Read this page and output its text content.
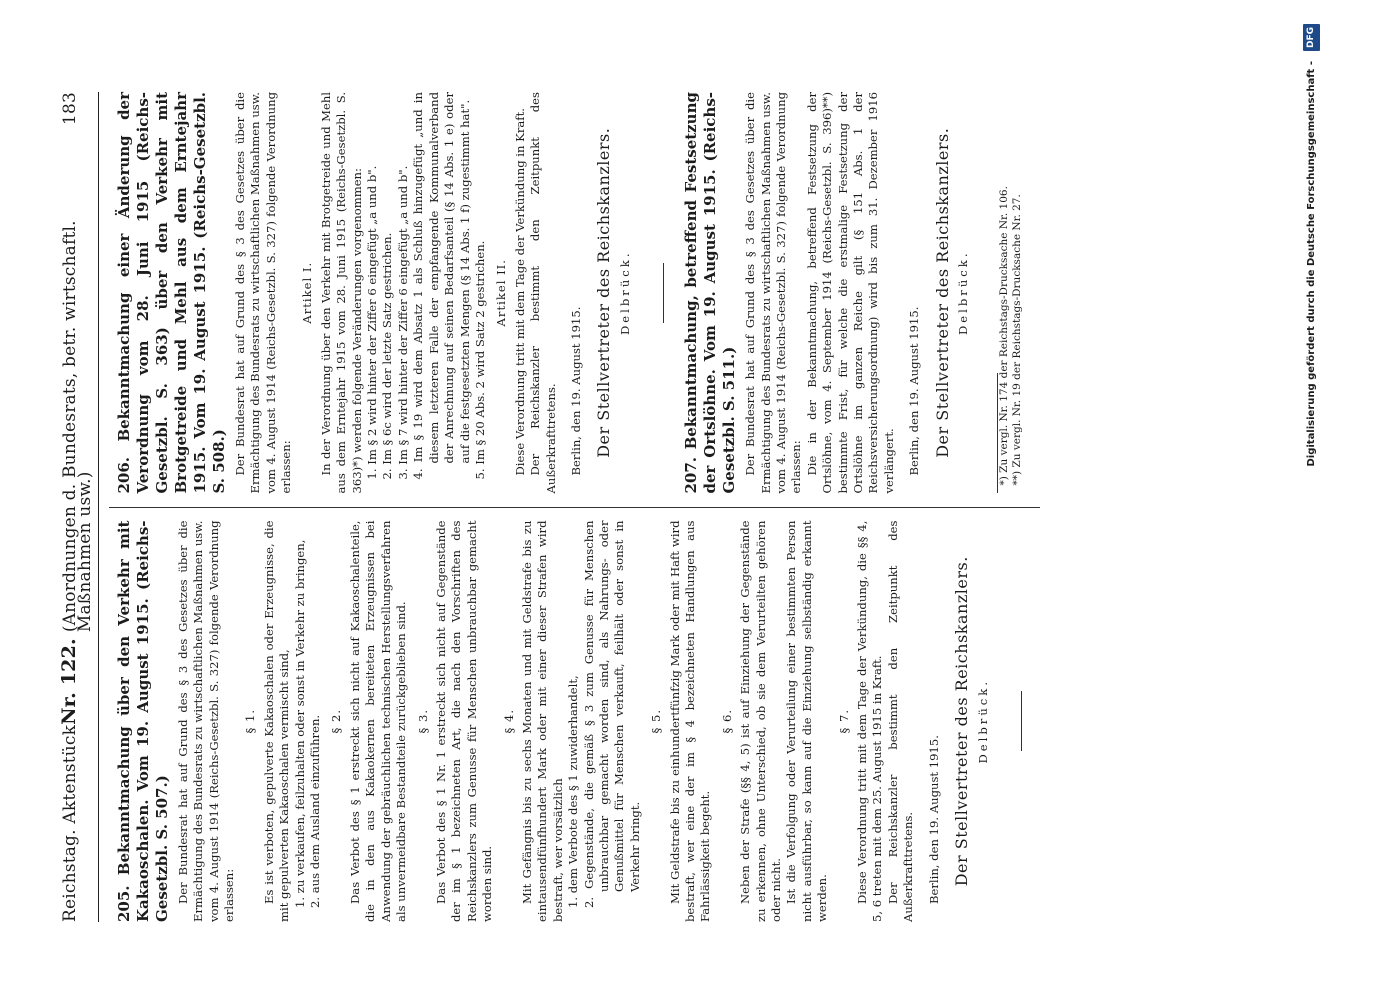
Reichstag. Aktenstück
Nr. 122.
(Anordnungen d. Bundesrats, betr. wirtschaftl. Maßnahmen usw.)
183
205. Bekanntmachung über den Verkehr mit Kakaoschalen. Vom 19. August 1915. (Reichs-Gesetzbl. S. 507.) Der Bundesrat hat auf Grund des § 3 des Gesetzes über die Ermächtigung des Bundesrats zu wirtschaftlichen Maßnahmen usw. vom 4. August 1914 (Reichs-Gesetzbl. S. 327) folgende Verordnung erlassen:

§ 1. Es ist verboten, gepulverte Kakaoschalen oder Erzeugnisse, die mit gepulverten Kakaoschalen vermischt sind, 1. zu verkaufen, feilzuhalten oder sonst in Verkehr zu bringen, 2. aus dem Ausland einzuführen. § 2. Das Verbot des § 1 erstreckt sich nicht auf Kakaoschalenteile, die in den aus Kakaokernen bereiteten Erzeugnissen bei Anwendung der gebräuchlichen technischen Herstellungsverfahren als unvermeidbare Bestandteile zurückgeblieben sind. § 3. Das Verbot des § 1 Nr. 1 erstreckt sich nicht auf Gegenstände der im § 1 bezeichneten Art, die nach den Vorschriften des Reichskanzlers zum Genusse für Menschen unbrauchbar gemacht worden sind.

§ 4. Mit Gefängnis bis zu sechs Monaten und mit Geldstrafe bis zu eintausendfünfhundert Mark oder mit einer dieser Strafen wird bestraft, wer vorsätzlich 1. dem Verbote des § 1 zuwiderhandelt, 2. Gegenstände, die gemäß § 3 zum Genusse für Menschen unbrauchbar gemacht worden sind, als Nahrungs- oder Genußmittel für Menschen verkauft, feilhält oder sonst in Verkehr bringt.
§ 5. Mit Geldstrafe bis zu einhundertfünfzig Mark oder mit Haft wird bestraft, wer eine der im § 4 bezeichneten Handlungen aus Fahrlässigkeit begeht.

§ 6. Neben der Strafe (§§ 4, 5) ist auf Einziehung der Gegenstände zu erkennen, ohne Unterschied, ob sie dem Verurteilten gehören oder nicht. Ist die Verfolgung oder Verurteilung einer bestimmten Person nicht ausführbar, so kann auf die Einziehung selbständig erkannt werden.

§ 7. Diese Verordnung tritt mit dem Tage der Verkündung, die §§ 4, 5, 6 treten mit dem 25. August 1915 in Kraft. Der Reichskanzler bestimmt den Zeitpunkt des Außerkrafttretens. Berlin, den 19. August 1915. Der Stellvertreter des Reichskanzlers. Delbrück.
206. Bekanntmachung einer Änderung der Verordnung vom 28. Juni 1915 (Reichs-Gesetzbl. S. 363) über den Verkehr mit Brotgetreide und Mehl aus dem Erntejahr 1915. Vom 19. August 1915. (Reichs-Gesetzbl. S. 508.) Der Bundesrat hat auf Grund des § 3 des Gesetzes über die Ermächtigung des Bundesrats zu wirtschaftlichen Maßnahmen usw. vom 4. August 1914 (Reichs-Gesetzbl. S. 327) folgende Verordnung erlassen:

Artikel I. In der Verordnung über den Verkehr mit Brotgetreide und Mehl aus dem Erntejahr 1915 vom 28. Juni 1915 (Reichs-Gesetzbl. S. 363)*) werden folgende Veränderungen vorgenommen: 1. Im § 2 wird hinter der Ziffer 6 eingefügt „a und b". 2. Im § 6c wird der letzte Satz gestrichen. 3. Im § 7 wird hinter der Ziffer 6 eingefügt „a und b". 4. Im § 19 wird dem Absatz 1 als Schluß hinzugefügt „und in diesem letzteren Falle der empfangende Kommunalverband der Anrechnung auf seinen Bedarfsanteil (§ 14 Abs. 1 e) oder auf die festgesetzten Mengen (§ 14 Abs. 1 f) zugestimmt hat". 5. Im § 20 Abs. 2 wird Satz 2 gestrichen. Artikel II. Diese Verordnung tritt mit dem Tage der Verkündung in Kraft. Der Reichskanzler bestimmt den Zeitpunkt des Außerkrafttretens. Berlin, den 19. August 1915. Der Stellvertreter des Reichskanzlers. Delbrück.	207. Bekanntmachung, betreffend Festsetzung der Ortslöhne. Vom 19. August 1915. (Reichs-Gesetzbl. S. 511.) Der Bundesrat hat auf Grund des § 3 des Gesetzes über die Ermächtigung des Bundesrats zu wirtschaftlichen Maßnahmen usw. vom 4. August 1914 (Reichs-Gesetzbl. S. 327) folgende Verordnung erlassen: Die in der Bekanntmachung, betreffend Festsetzung der Ortslöhne, vom 4. September 1914 (Reichs-Gesetzbl. S. 396)**) bestimmte Frist, für welche die erstmalige Festsetzung der Ortslöhne im ganzen Reiche gilt (§ 151 Abs. 1 der Reichsversicherungsordnung) wird bis zum 31. Dezember 1916 verlängert. Berlin, den 19. August 1915. Der Stellvertreter des Reichskanzlers. Delbrück.	*) Zu vergl. Nr. 174 der Reichstags-Drucksache Nr. 106. **) Zu vergl. Nr. 19 der Reichstags-Drucksache Nr. 27.	Digitalisierung gefördert durch die Deutsche Forschungsgemeinschaft -
DFG
